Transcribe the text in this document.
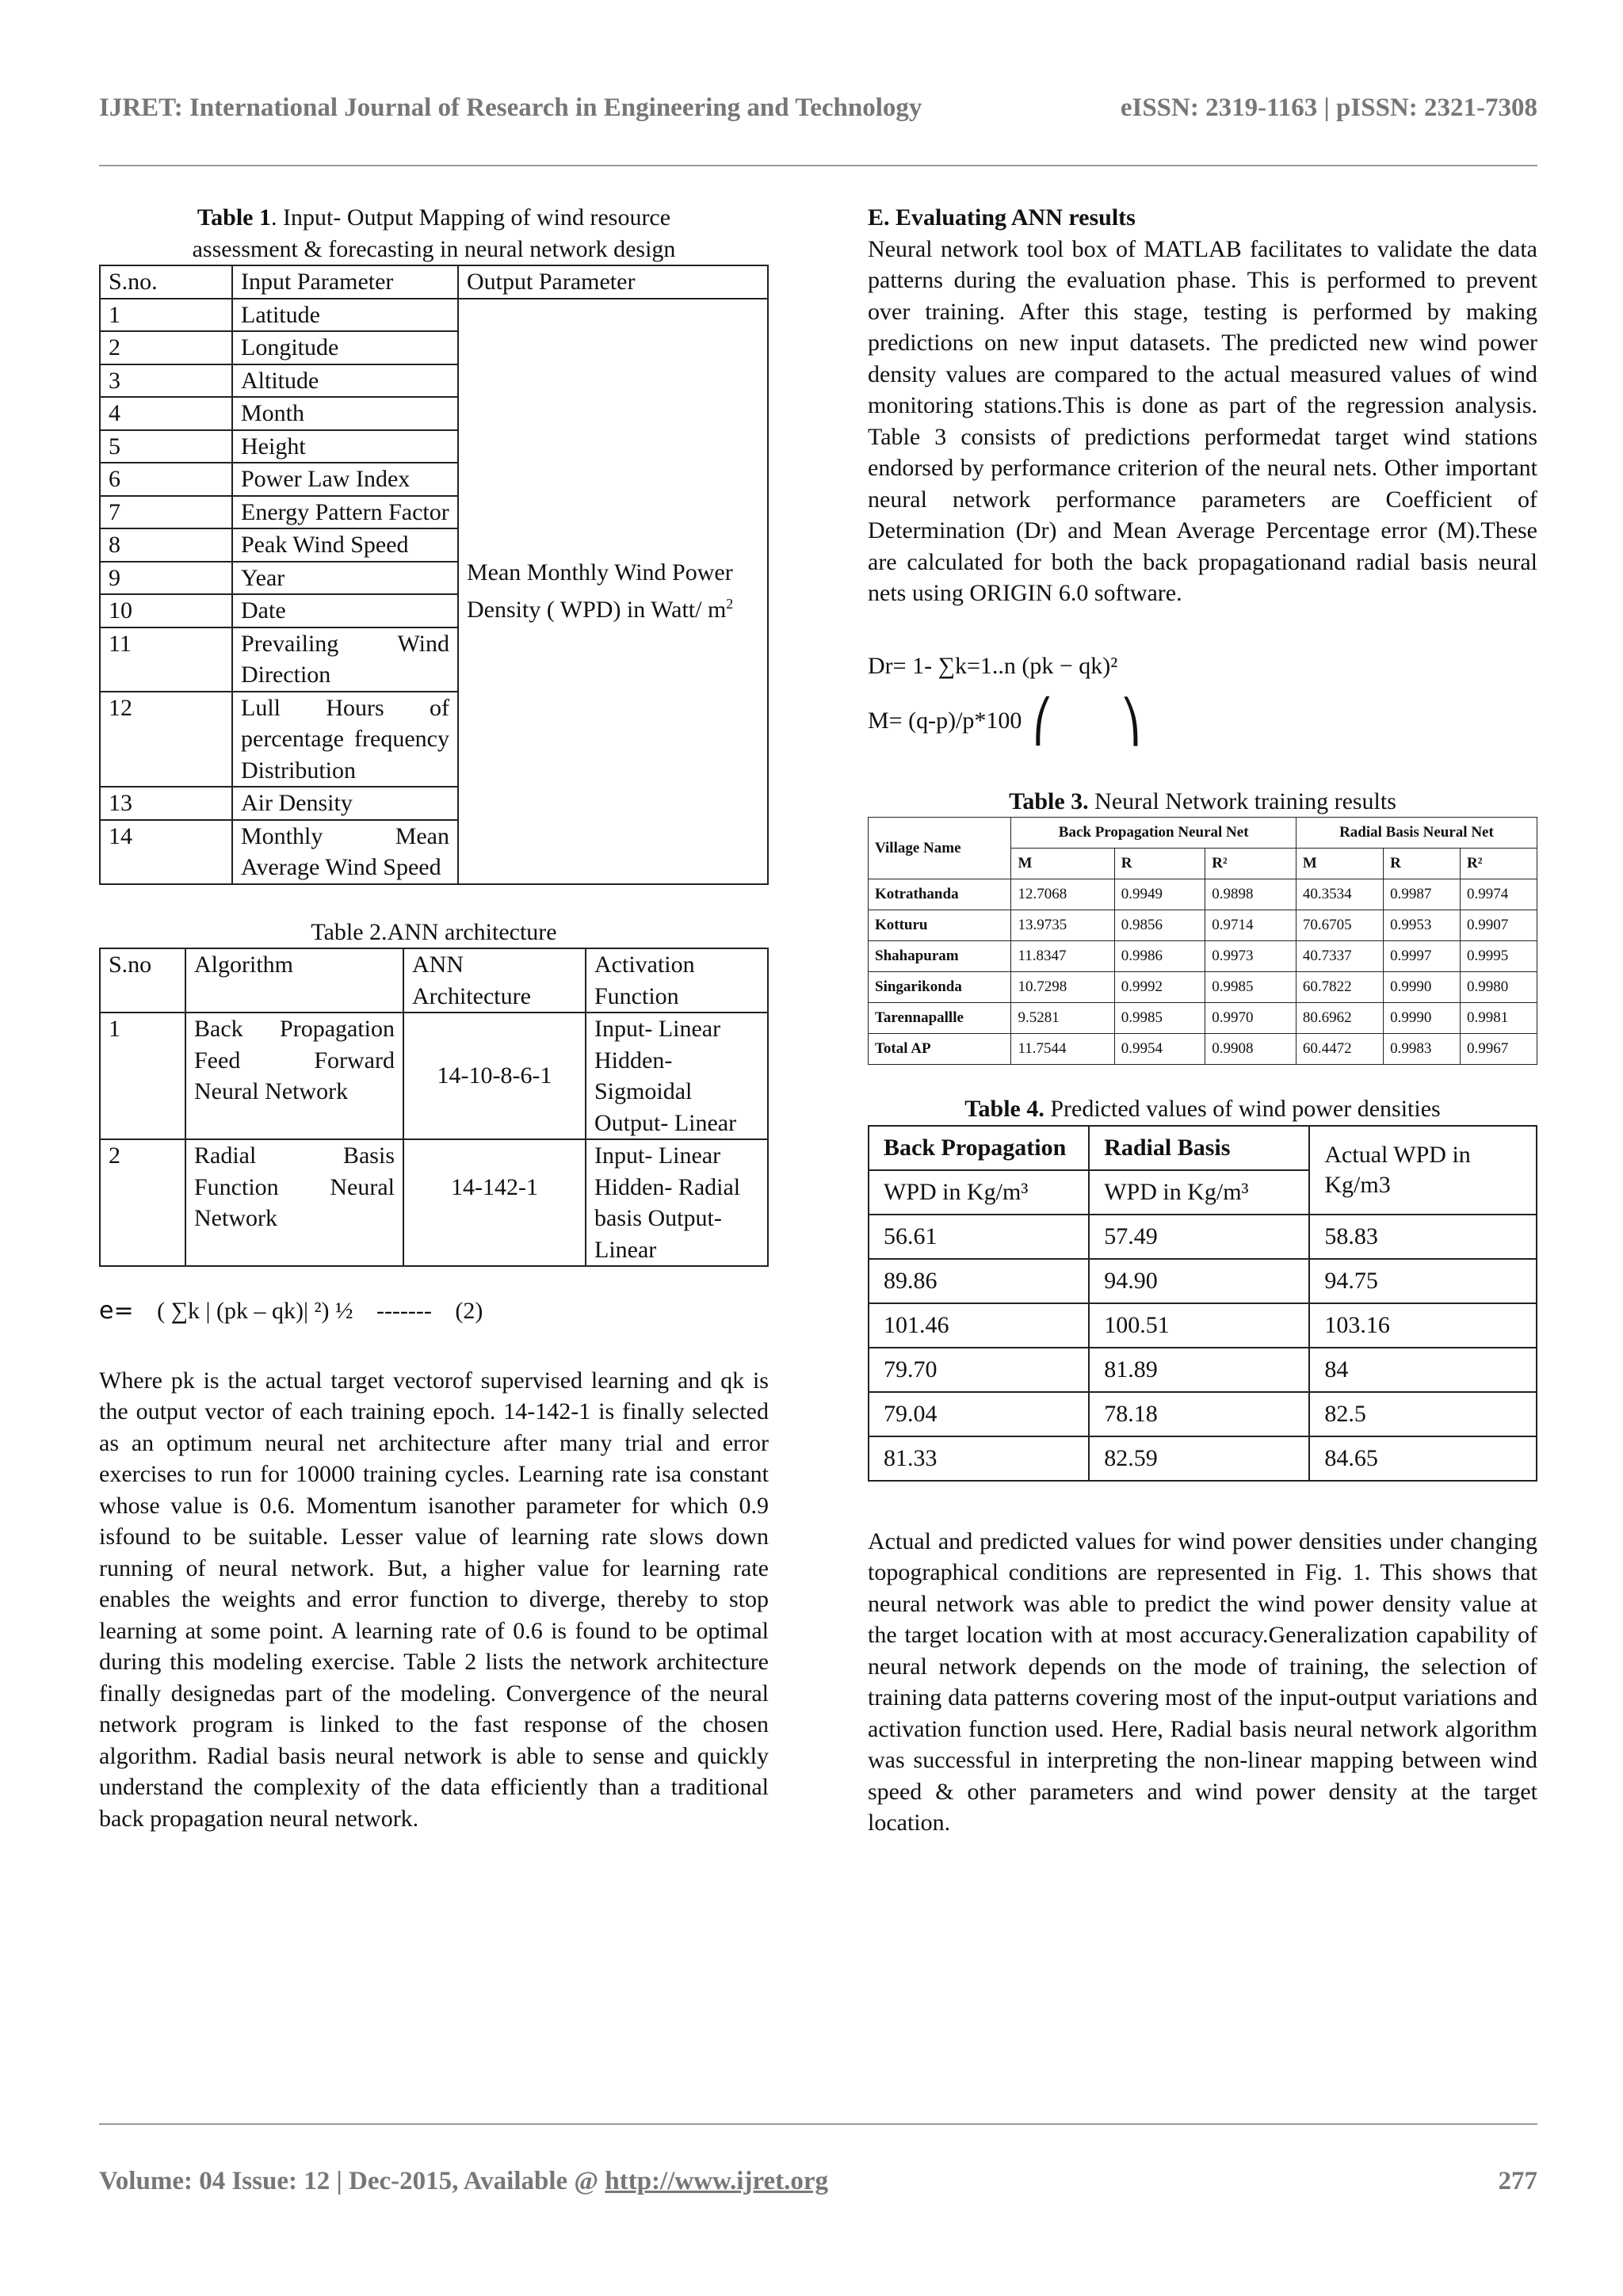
IJRET: International Journal of Research in Engineering and Technology	eISSN: 2319-1163 | pISSN: 2321-7308
Table 1. Input- Output Mapping of wind resource assessment & forecasting in neural network design
S.no.	Input Parameter	Output Parameter
1	Latitude	Mean Monthly Wind Power Density ( WPD) in Watt/ $m^2$
2	Longitude	
3	Altitude	
4	Month	
5	Height	
6	Power Law Index	
7	Energy Pattern Factor	
8	Peak Wind Speed	
9	Year	
10	Date	
11	Prevailing Wind Direction	
12	Lull Hours of percentage frequency Distribution	
13	Air Density	
14	Monthly Mean Average Wind Speed	
Table 2.ANN architecture
S.no	Algorithm	ANN Architecture	Activation Function
1	Back Propagation Feed Forward Neural Network	14-10-8-6-1	Input- Linear Hidden- Sigmoidal Output- Linear
2	Radial Basis Function Neural Network	14-142-1	Input- Linear Hidden- Radial basis Output- Linear
e= ( ∑k | (pk – qk)| ²) ½ ------- (2)

Where pk is the actual target vectorof supervised learning and qk is the output vector of each training epoch. 14-142-1 is finally selected as an optimum neural net architecture after many trial and error exercises to run for 10000 training cycles. Learning rate isa constant whose value is 0.6. Momentum isanother parameter for which 0.9 isfound to be suitable. Lesser value of learning rate slows down running of neural network. But, a higher value for learning rate enables the weights and error function to diverge, thereby to stop learning at some point. A learning rate of 0.6 is found to be optimal during this modeling exercise. Table 2 lists the network architecture finally designedas part of the modeling. Convergence of the neural network program is linked to the fast response of the chosen algorithm. Radial basis neural network is able to sense and quickly understand the complexity of the data efficiently than a traditional back propagation neural network.

E. Evaluating ANN results

Neural network tool box of MATLAB facilitates to validate the data patterns during the evaluation phase. This is performed to prevent over training. After this stage, testing is performed by making predictions on new input datasets. The predicted new wind power density values are compared to the actual measured values of wind monitoring stations.This is done as part of the regression analysis. Table 3 consists of predictions performedat target wind stations endorsed by performance criterion of the neural nets. Other important neural network performance parameters are Coefficient of Determination (Dr) and Mean Average Percentage error (M).These are calculated for both the back propagationand radial basis neural nets using ORIGIN 6.0 software.

Dr= 1- ∑k=1..n (pk − qk)²
M= (q-p)/p*100 ⎛ ⎞
Table 3. Neural Network training results
Village Name	Back Propagation Neural Net			Radial Basis Neural Net		
	M	R	R²	M	R	R²
Kotrathanda	12.7068	0.9949	0.9898	40.3534	0.9987	0.9974
Kotturu	13.9735	0.9856	0.9714	70.6705	0.9953	0.9907
Shahapuram	11.8347	0.9986	0.9973	40.7337	0.9997	0.9995
Singarikonda	10.7298	0.9992	0.9985	60.7822	0.9990	0.9980
Tarennapallle	9.5281	0.9985	0.9970	80.6962	0.9990	0.9981
Total AP	11.7544	0.9954	0.9908	60.4472	0.9983	0.9967
Table 4. Predicted values of wind power densities
Back Propagation	Radial Basis	Actual WPD in Kg/m3
WPD in Kg/m³	WPD in Kg/m³	
56.61	57.49	58.83
89.86	94.90	94.75
101.46	100.51	103.16
79.70	81.89	84
79.04	78.18	82.5
81.33	82.59	84.65

Actual and predicted values for wind power densities under changing topographical conditions are represented in Fig. 1. This shows that neural network was able to predict the wind power density value at the target location with at most accuracy.Generalization capability of neural network depends on the mode of training, the selection of training data patterns covering most of the input-output variations and activation function used. Here, Radial basis neural network algorithm was successful in interpreting the non-linear mapping between wind speed & other parameters and wind power density at the target location.

Volume: 04 Issue: 12 | Dec-2015, Available @ http://www.ijret.org	277
